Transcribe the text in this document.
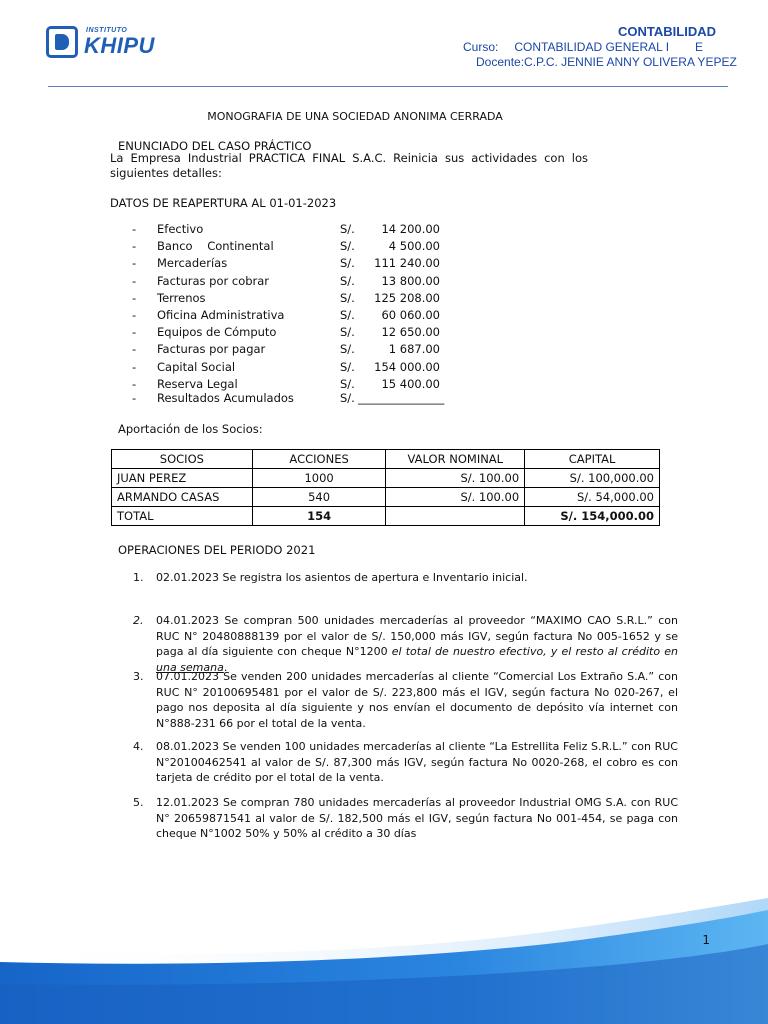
INSTITUTO
KHIPU
CONTABILIDAD
Curso: CONTABILIDAD GENERAL I E
Docente:C.P.C. JENNIE ANNY OLIVERA YEPEZ
MONOGRAFIA DE UNA SOCIEDAD ANONIMA CERRADA
ENUNCIADO DEL CASO PRÁCTICO
La Empresa Industrial PRACTICA FINAL S.A.C. Reinicia sus actividades con los siguientes detalles:
DATOS DE REAPERTURA AL 01-01-2023
- Efectivo	S/. 14 200.00
- Banco    Continental	S/.	4 500.00
- Mercaderías	S/. 111 240.00
- Facturas por cobrar	S/. 13 800.00
- Terrenos	S/. 125 208.00
- Oficina Administrativa	S/. 60 060.00
- Equipos de Cómputo	S/. 12 650.00
- Facturas por pagar	S/.	1 687.00
- Capital Social	S/. 154 000.00
- Reserva Legal	S/. 15 400.00
- Resultados Acumulados	S/. _______________
Aportación de los Socios:
SOCIOS	ACCIONES	VALOR NOMINAL	CAPITAL
JUAN PEREZ	1000	S/. 100.00	S/. 100,000.00
ARMANDO CASAS	540	S/. 100.00	S/. 54,000.00
TOTAL	154		S/. 154,000.00
OPERACIONES DEL PERIODO 2021
1. 02.01.2023 Se registra los asientos de apertura e Inventario inicial.
2. 04.01.2023 Se compran 500 unidades mercaderías al proveedor “MAXIMO CAO S.R.L.” con RUC N° 20480888139 por el valor de S/. 150,000 más IGV, según factura No 005-1652 y se paga al día siguiente con cheque N°1200 el total de nuestro efectivo, y el resto al crédito en una semana.
3. 07.01.2023 Se venden 200 unidades mercaderías al cliente “Comercial Los Extraño S.A.” con RUC N° 20100695481 por el valor de S/. 223,800 más el IGV, según factura No 020-267, el pago nos deposita al día siguiente y nos envían el documento de depósito vía internet con N°888-231 66 por el total de la venta.
4. 08.01.2023 Se venden 100 unidades mercaderías al cliente “La Estrellita Feliz S.R.L.” con RUC N°20100462541 al valor de S/. 87,300 más IGV, según factura No 0020-268, el cobro es con tarjeta de crédito por el total de la venta.
5. 12.01.2023 Se compran 780 unidades mercaderías al proveedor Industrial OMG S.A. con RUC N° 20659871541 al valor de S/. 182,500 más el IGV, según factura No 001-454, se paga con cheque N°1002 50% y 50% al crédito a 30 días
1
